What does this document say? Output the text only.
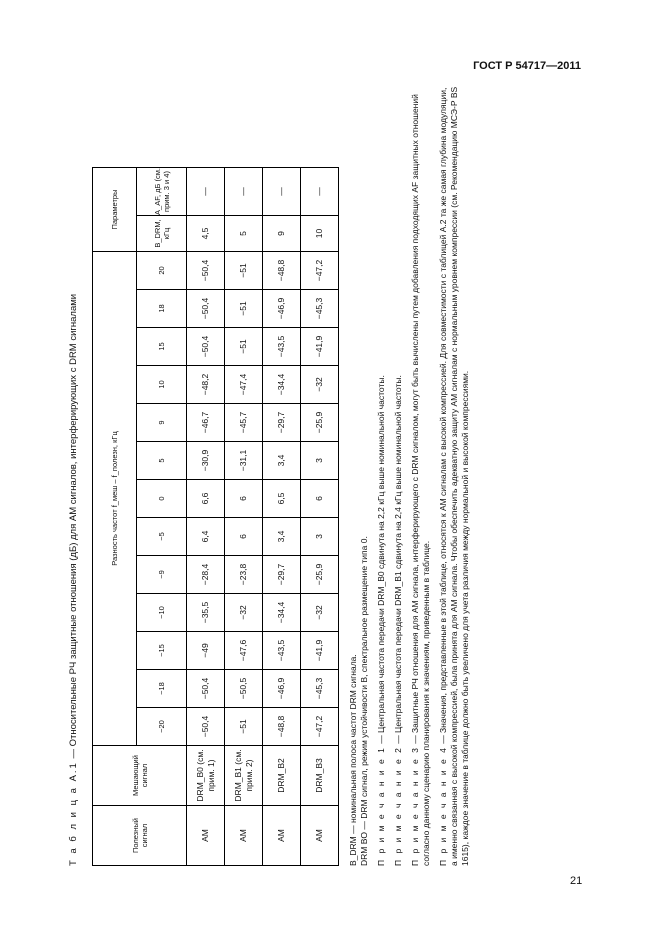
ГОСТ Р 54717—2011
Т а б л и ц а А.1 — Относительные РЧ защитные отношения (дБ) для АМ сигналов, интерферирующих с DRM сигналами
Полезный сигнал	Мешающий сигнал	Разность частот f_меш – f_полезн, кГц													Параметры	
		−20	−18	−15	−10	−9	−5	0	5	9	10	15	18	20	B_DRM, кГц	A_AF, дБ (см. прим. 3 и 4)
АМ	DRM_B0 (см. прим. 1)	−50,4	−50,4	−49	−35,5	−28,4	6,4	6,6	−30,9	−46,7	−48,2	−50,4	−50,4	−50,4	4,5	—
АМ	DRM_B1 (см. прим. 2)	−51	−50,5	−47,6	−32	−23,8	6	6	−31,1	−45,7	−47,4	−51	−51	−51	5	—
АМ	DRM_B2	−48,8	−46,9	−43,5	−34,4	−29,7	3,4	6,5	3,4	−29,7	−34,4	−43,5	−46,9	−48,8	9	—
АМ	DRM_B3	−47,2	−45,3	−41,9	−32	−25,9	3	6	3	−25,9	−32	−41,9	−45,3	−47,2	10	—

B_DRM — номинальная полоса частот DRM сигнала. DRM BO — DRM сигнал, режим устойчивости B, спектральное размещение типа 0. П р и м е ч а н и е 1 — Центральная частота передачи DRM_B0 сдвинута на 2,2 кГц выше номинальной частоты.

П р и м е ч а н и е 2 — Центральная частота передачи DRM_B1 сдвинута на 2,4 кГц выше номинальной частоты.

П р и м е ч а н и е 3 — Защитные РЧ отношения для АМ сигнала, интерферирующего с DRM сигналом, могут быть вычислены путем добавления подходящих AF защитных отношений согласно данному сценарию планирования к значениям, приведенным в таблице. П р и м е ч а н и е 4 — Значения, представленные в этой таблице, относятся к АМ сигналам с высокой компрессией. Для совместимости с таблицей А.2 та же самая глубина модуляции, а именно связанная с высокой компрессией, была принята для АМ сигнала. Чтобы обеспечить адекватную защиту АМ сигналам с нормальным уровнем компрессии (см. Рекомендацию МСЭ-Р BS 1615), каждое значение в таблице должно быть увеличено для учета различия между нормальной и высокой компрессиями.

21
